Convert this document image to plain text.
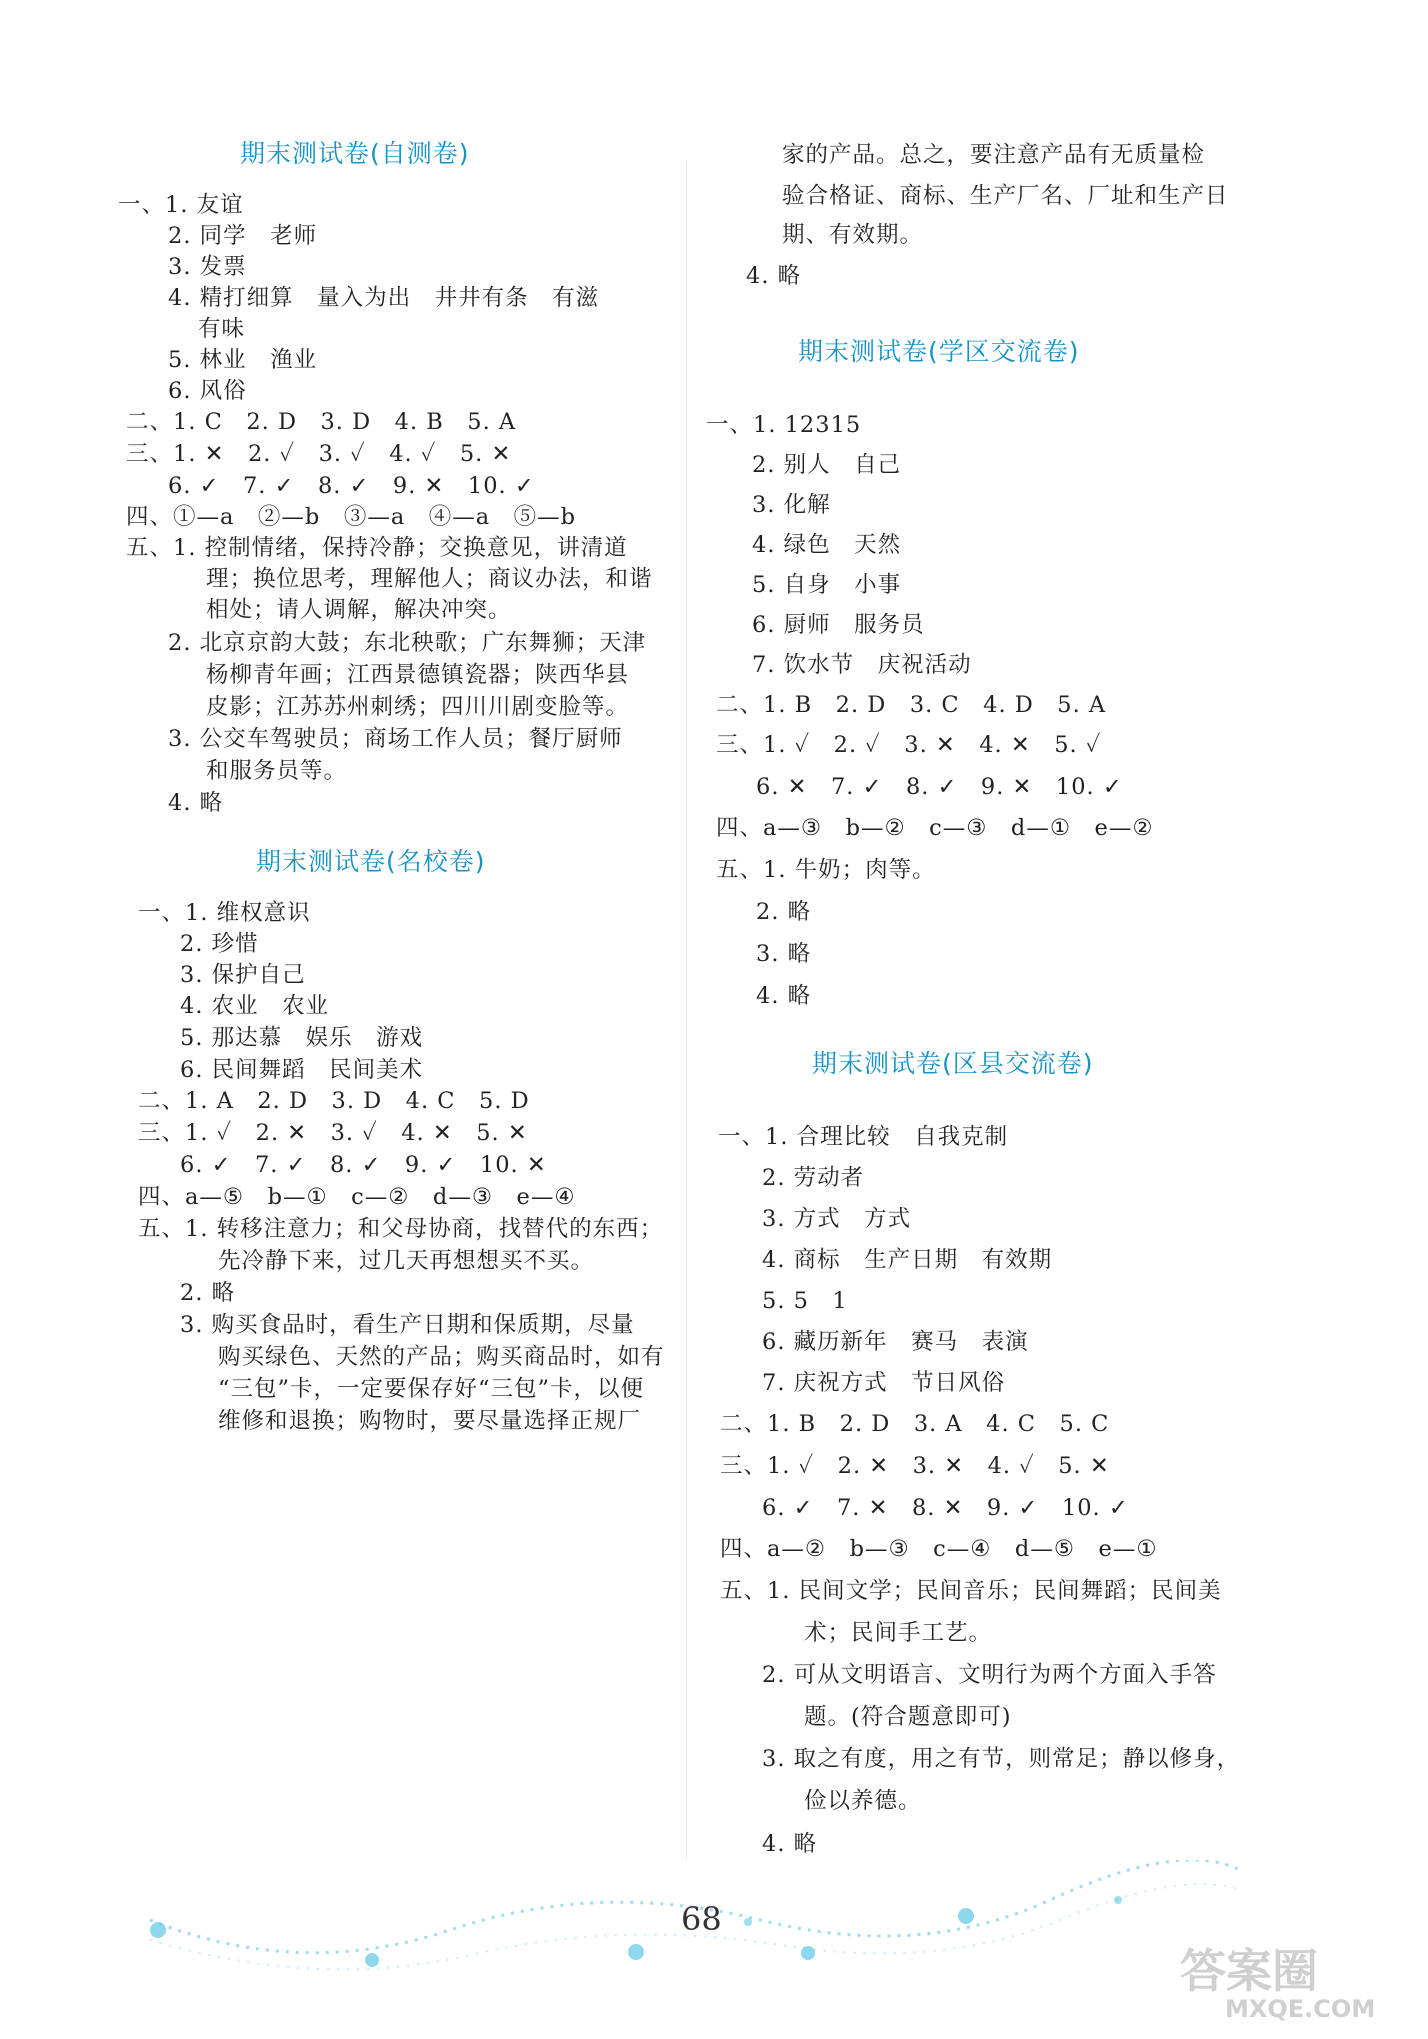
期末测试卷(自测卷)
一、1. 友谊
2. 同学　老师
3. 发票
4. 精打细算　量入为出　井井有条　有滋
有味
5. 林业　渔业
6. 风俗
二、1. C　2. D　3. D　4. B　5. A
三、1. ✕　2. ✓　3. ✓　4. ✓　5. ✕
6. ✓　7. ✓　8. ✓　9. ✕　10. ✓
四、①—a　②—b　③—a　④—a　⑤—b
五、1. 控制情绪，保持冷静；交换意见，讲清道
理；换位思考，理解他人；商议办法，和谐
相处；请人调解，解决冲突。
2. 北京京韵大鼓；东北秧歌；广东舞狮；天津
杨柳青年画；江西景德镇瓷器；陕西华县
皮影；江苏苏州刺绣；四川川剧变脸等。
3. 公交车驾驶员；商场工作人员；餐厅厨师
和服务员等。
4. 略
期末测试卷(名校卷)
一、1. 维权意识
2. 珍惜
3. 保护自己
4. 农业　农业
5. 那达慕　娱乐　游戏
6. 民间舞蹈　民间美术
二、1. A　2. D　3. D　4. C　5. D
三、1. ✓　2. ✕　3. ✓　4. ✕　5. ✕
6. ✓　7. ✓　8. ✓　9. ✓　10. ✕
四、a—⑤　b—①　c—②　d—③　e—④
五、1. 转移注意力；和父母协商，找替代的东西；
先冷静下来，过几天再想想买不买。
2. 略
3. 购买食品时，看生产日期和保质期，尽量
购买绿色、天然的产品；购买商品时，如有
“三包”卡，一定要保存好“三包”卡，以便
维修和退换；购物时，要尽量选择正规厂
家的产品。总之，要注意产品有无质量检
验合格证、商标、生产厂名、厂址和生产日
期、有效期。
4. 略
期末测试卷(学区交流卷)
一、1. 12315
2. 别人　自己
3. 化解
4. 绿色　天然
5. 自身　小事
6. 厨师　服务员
7. 饮水节　庆祝活动
二、1. B　2. D　3. C　4. D　5. A
三、1. ✓　2. ✓　3. ✕　4. ✕　5. ✓
6. ✕　7. ✓　8. ✓　9. ✕　10. ✓
四、a—③　b—②　c—③　d—①　e—②
五、1. 牛奶；肉等。
2. 略
3. 略
4. 略
期末测试卷(区县交流卷)
一、1. 合理比较　自我克制
2. 劳动者
3. 方式　方式
4. 商标　生产日期　有效期
5. 5　1
6. 藏历新年　赛马　表演
7. 庆祝方式　节日风俗
二、1. B　2. D　3. A　4. C　5. C
三、1. ✓　2. ✕　3. ✕　4. ✓　5. ✕
6. ✓　7. ✕　8. ✕　9. ✓　10. ✓
四、a—②　b—③　c—④　d—⑤　e—①
五、1. 民间文学；民间音乐；民间舞蹈；民间美
术；民间手工艺。
2. 可从文明语言、文明行为两个方面入手答
题。(符合题意即可)
3. 取之有度，用之有节，则常足；静以修身，
俭以养德。
4. 略
68
答案圈
MXQE.COM
